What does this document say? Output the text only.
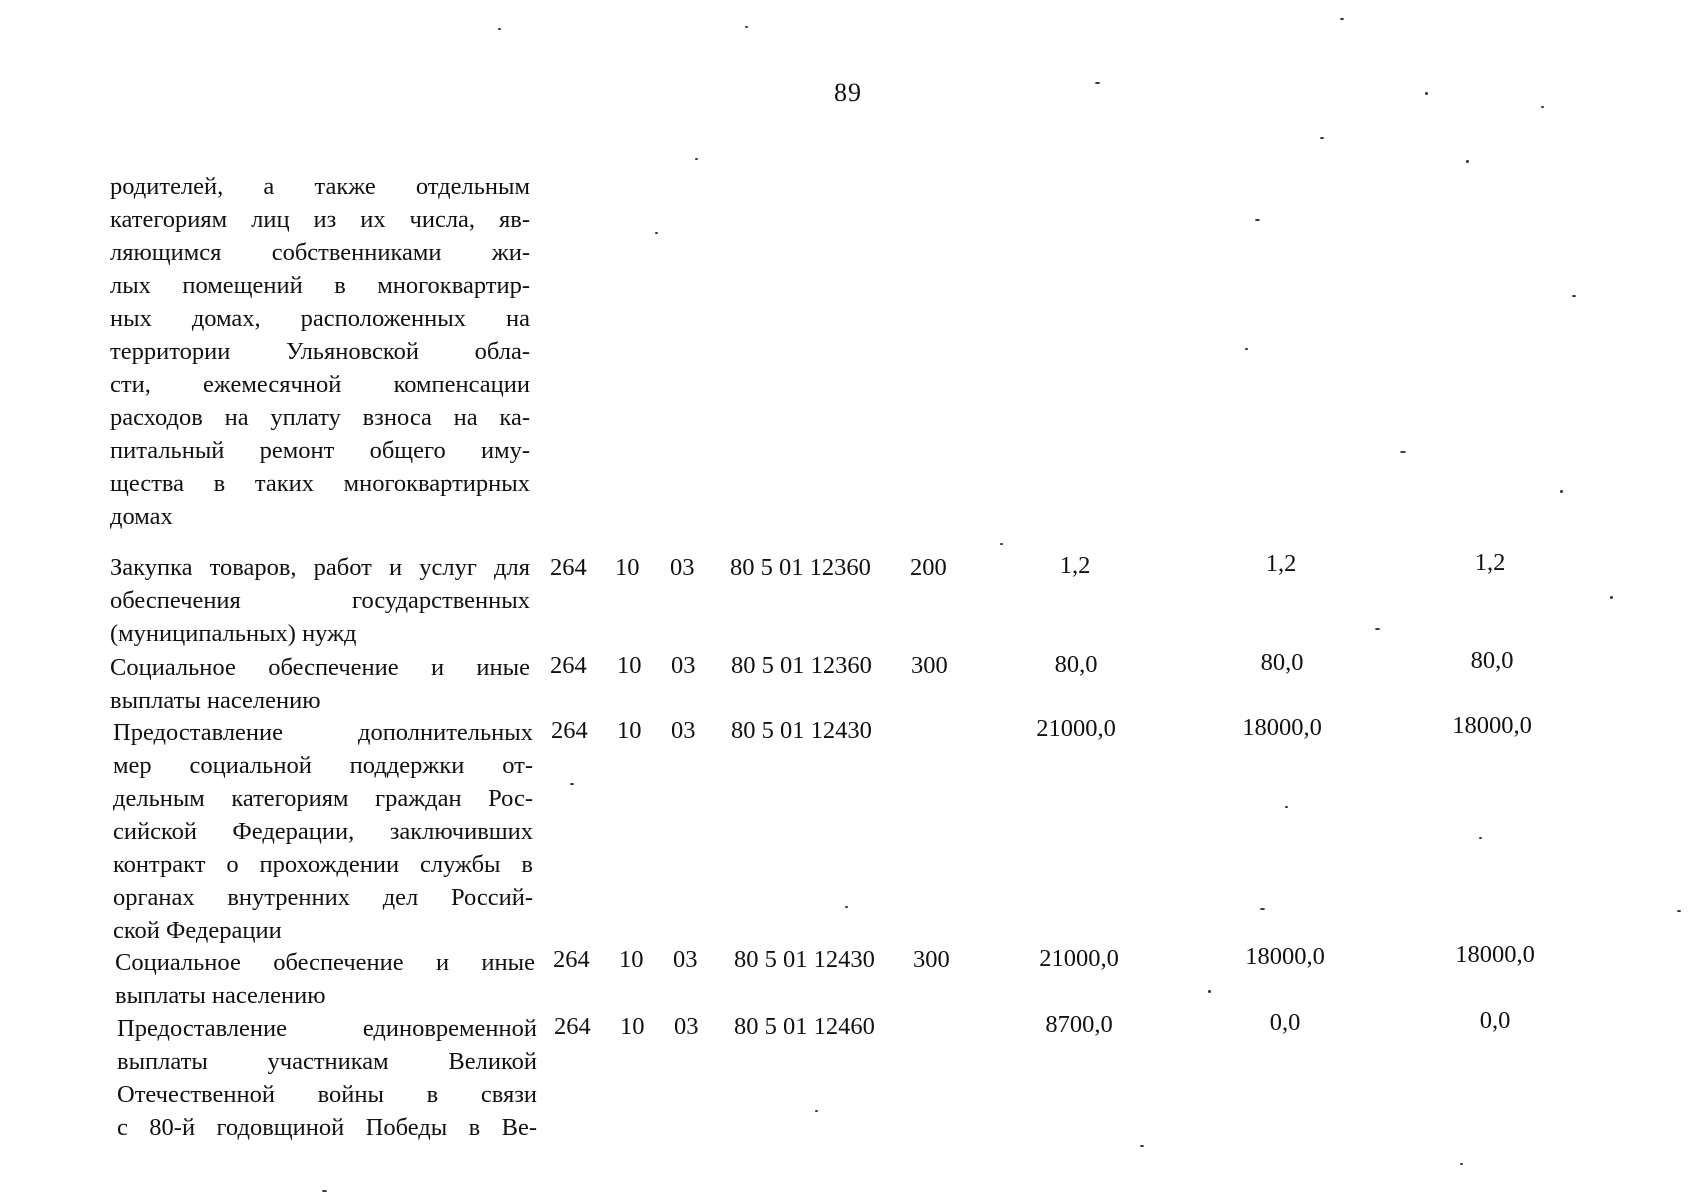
89
родителей, а также отдельным
категориям лиц из их числа, яв-
ляющимся собственниками жи-
лых помещений в многоквартир-
ных домах, расположенных на
территории Ульяновской обла-
сти, ежемесячной компенсации
расходов на уплату взноса на ка-
питальный ремонт общего иму-
щества в таких многоквартирных
домах
Закупка товаров, работ и услуг для
обеспечения государственных
(муниципальных) нужд
264 10 03 80 5 01 12360 200	1,2	1,2	1,2
Социальное обеспечение и иные
выплаты населению
264 10 03 80 5 01 12360 300	80,0	80,0	80,0
Предоставление дополнительных
мер социальной поддержки от-
дельным категориям граждан Рос-
сийской Федерации, заключивших
контракт о прохождении службы в
органах внутренних дел Россий-
ской Федерации
264 10 03 80 5 01 12430	21000,0	18000,0	18000,0
Социальное обеспечение и иные
выплаты населению
264 10 03 80 5 01 12430 300	21000,0	18000,0	18000,0
Предоставление единовременной
выплаты участникам Великой
Отечественной войны в связи
с 80-й годовщиной Победы в Ве-
264 10 03 80 5 01 12460	8700,0	0,0	0,0
